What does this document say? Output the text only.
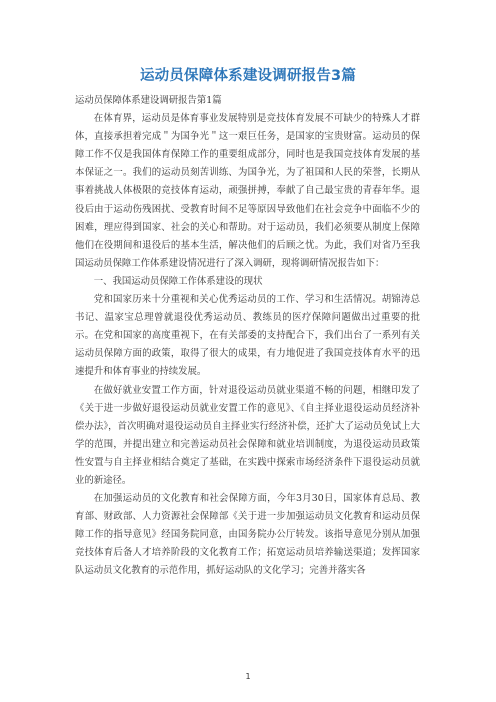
运动员保障体系建设调研报告3篇

运动员保障体系建设调研报告第1篇

在体育界，运动员是体育事业发展特别是竞技体育发展不可缺少的特殊人才群体，直接承担着完成＂为国争光＂这一艰巨任务，是国家的宝贵财富。运动员的保障工作不仅是我国体育保障工作的重要组成部分，同时也是我国竞技体育发展的基本保证之一。我们的运动员刻苦训练、为国争光，为了祖国和人民的荣誉，长期从事着挑战人体极限的竞技体育运动，顽强拼搏，奉献了自己最宝贵的青春年华。退役后由于运动伤残困扰、受教育时间不足等原因导致他们在社会竞争中面临不少的困难，理应得到国家、社会的关心和帮助。对于运动员，我们必须要从制度上保障他们在役期间和退役后的基本生活，解决他们的后顾之忧。为此，我们对省乃至我国运动员保障工作体系建设情况进行了深入调研，现将调研情况报告如下：

一、我国运动员保障工作体系建设的现状

党和国家历来十分重视和关心优秀运动员的工作、学习和生活情况。胡锦涛总书记、温家宝总理曾就退役优秀运动员、教练员的医疗保障问题做出过重要的批示。在党和国家的高度重视下，在有关部委的支持配合下，我们出台了一系列有关运动员保障方面的政策，取得了很大的成果，有力地促进了我国竞技体育水平的迅速提升和体育事业的持续发展。

在做好就业安置工作方面，针对退役运动员就业渠道不畅的问题，相继印发了《关于进一步做好退役运动员就业安置工作的意见》、《自主择业退役运动员经济补偿办法》，首次明确对退役运动员自主择业实行经济补偿，还扩大了运动员免试上大学的范围，并提出建立和完善运动员社会保障和就业培训制度，为退役运动员政策性安置与自主择业相结合奠定了基础，在实践中探索市场经济条件下退役运动员就业的新途径。

在加强运动员的文化教育和社会保障方面，今年3月30日，国家体育总局、教育部、财政部、人力资源社会保障部《关于进一步加强运动员文化教育和运动员保障工作的指导意见》经国务院同意，由国务院办公厅转发。该指导意见分别从加强竞技体育后备人才培养阶段的文化教育工作；拓宽运动员培养输送渠道；发挥国家队运动员文化教育的示范作用，抓好运动队的文化学习；完善并落实各

1
